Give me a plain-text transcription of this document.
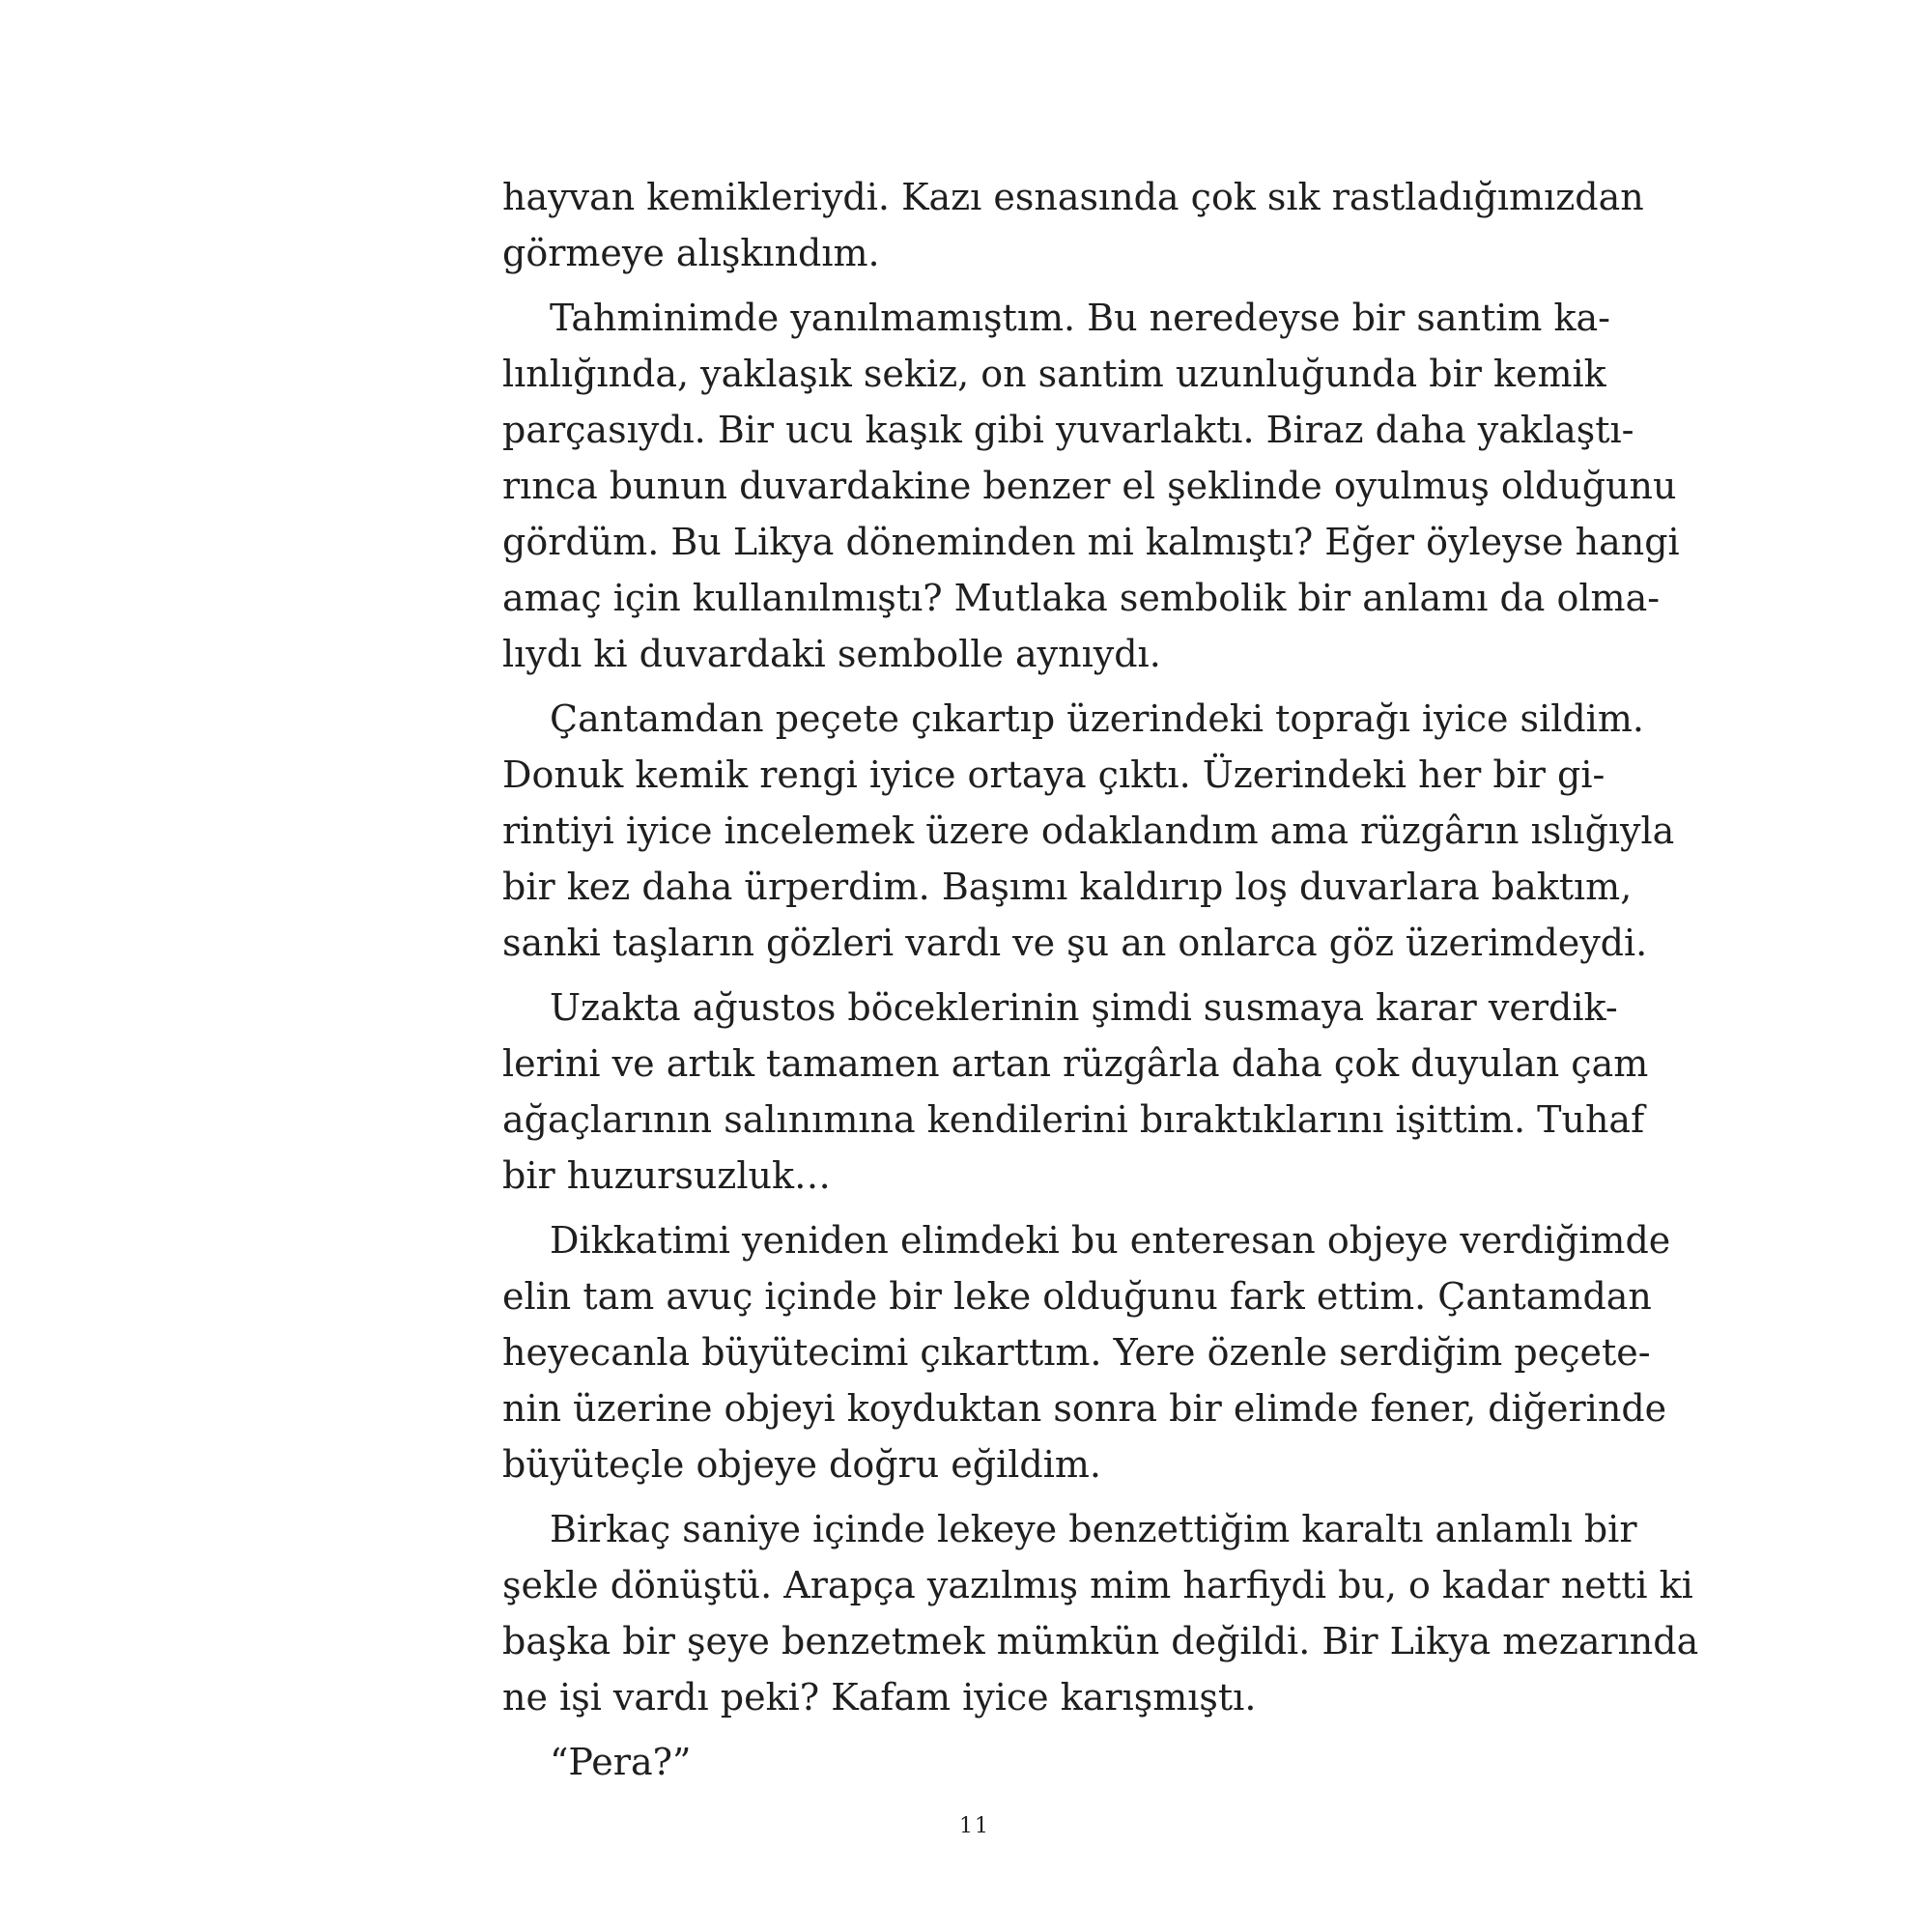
hayvan kemikleriydi. Kazı esnasında çok sık rastladığımızdan
görmeye alışkındım.
Tahminimde yanılmamıştım. Bu neredeyse bir santim ka-
lınlığında, yaklaşık sekiz, on santim uzunluğunda bir kemik
parçasıydı. Bir ucu kaşık gibi yuvarlaktı. Biraz daha yaklaştı-
rınca bunun duvardakine benzer el şeklinde oyulmuş olduğunu
gördüm. Bu Likya döneminden mi kalmıştı? Eğer öyleyse hangi
amaç için kullanılmıştı? Mutlaka sembolik bir anlamı da olma-
lıydı ki duvardaki sembolle aynıydı.
Çantamdan peçete çıkartıp üzerindeki toprağı iyice sildim.
Donuk kemik rengi iyice ortaya çıktı. Üzerindeki her bir gi-
rintiyi iyice incelemek üzere odaklandım ama rüzgârın ıslığıyla
bir kez daha ürperdim. Başımı kaldırıp loş duvarlara baktım,
sanki taşların gözleri vardı ve şu an onlarca göz üzerimdeydi.
Uzakta ağustos böceklerinin şimdi susmaya karar verdik-
lerini ve artık tamamen artan rüzgârla daha çok duyulan çam
ağaçlarının salınımına kendilerini bıraktıklarını işittim. Tuhaf
bir huzursuzluk…
Dikkatimi yeniden elimdeki bu enteresan objeye verdiğimde
elin tam avuç içinde bir leke olduğunu fark ettim. Çantamdan
heyecanla büyütecimi çıkarttım. Yere özenle serdiğim peçete-
nin üzerine objeyi koyduktan sonra bir elimde fener, diğerinde
büyüteçle objeye doğru eğildim.
Birkaç saniye içinde lekeye benzettiğim karaltı anlamlı bir
şekle dönüştü. Arapça yazılmış mim harfiydi bu, o kadar netti ki
başka bir şeye benzetmek mümkün değildi. Bir Likya mezarında
ne işi vardı peki? Kafam iyice karışmıştı.
“Pera?”
11
